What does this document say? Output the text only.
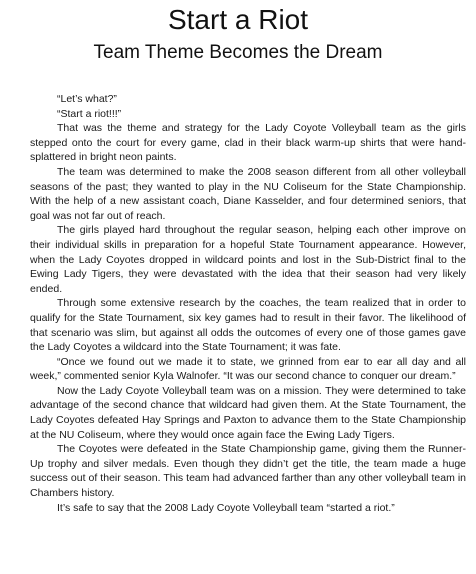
Start a Riot
Team Theme Becomes the Dream

“Let’s what?”

“Start a riot!!!”

That was the theme and strategy for the Lady Coyote Volleyball team as the girls stepped onto the court for every game, clad in their black warm-up shirts that were hand-splattered in bright neon paints.

The team was determined to make the 2008 season different from all other volleyball seasons of the past; they wanted to play in the NU Coliseum for the State Championship. With the help of a new assistant coach, Diane Kasselder, and four determined seniors, that goal was not far out of reach.

The girls played hard throughout the regular season, helping each other improve on their individual skills in preparation for a hopeful State Tournament appearance. However, when the Lady Coyotes dropped in wildcard points and lost in the Sub-District final to the Ewing Lady Tigers, they were devastated with the idea that their season had very likely ended.

Through some extensive research by the coaches, the team realized that in order to qualify for the State Tournament, six key games had to result in their favor. The likelihood of that scenario was slim, but against all odds the outcomes of every one of those games gave the Lady Coyotes a wildcard into the State Tournament; it was fate.

“Once we found out we made it to state, we grinned from ear to ear all day and all week,” commented senior Kyla Walnofer. “It was our second chance to conquer our dream.”

Now the Lady Coyote Volleyball team was on a mission. They were determined to take advantage of the second chance that wildcard had given them. At the State Tournament, the Lady Coyotes defeated Hay Springs and Paxton to advance them to the State Championship at the NU Coliseum, where they would once again face the Ewing Lady Tigers.

The Coyotes were defeated in the State Championship game, giving them the Runner-Up trophy and silver medals. Even though they didn’t get the title, the team made a huge success out of their season. This team had advanced farther than any other volleyball team in Chambers history.

It’s safe to say that the 2008 Lady Coyote Volleyball team “started a riot.”
